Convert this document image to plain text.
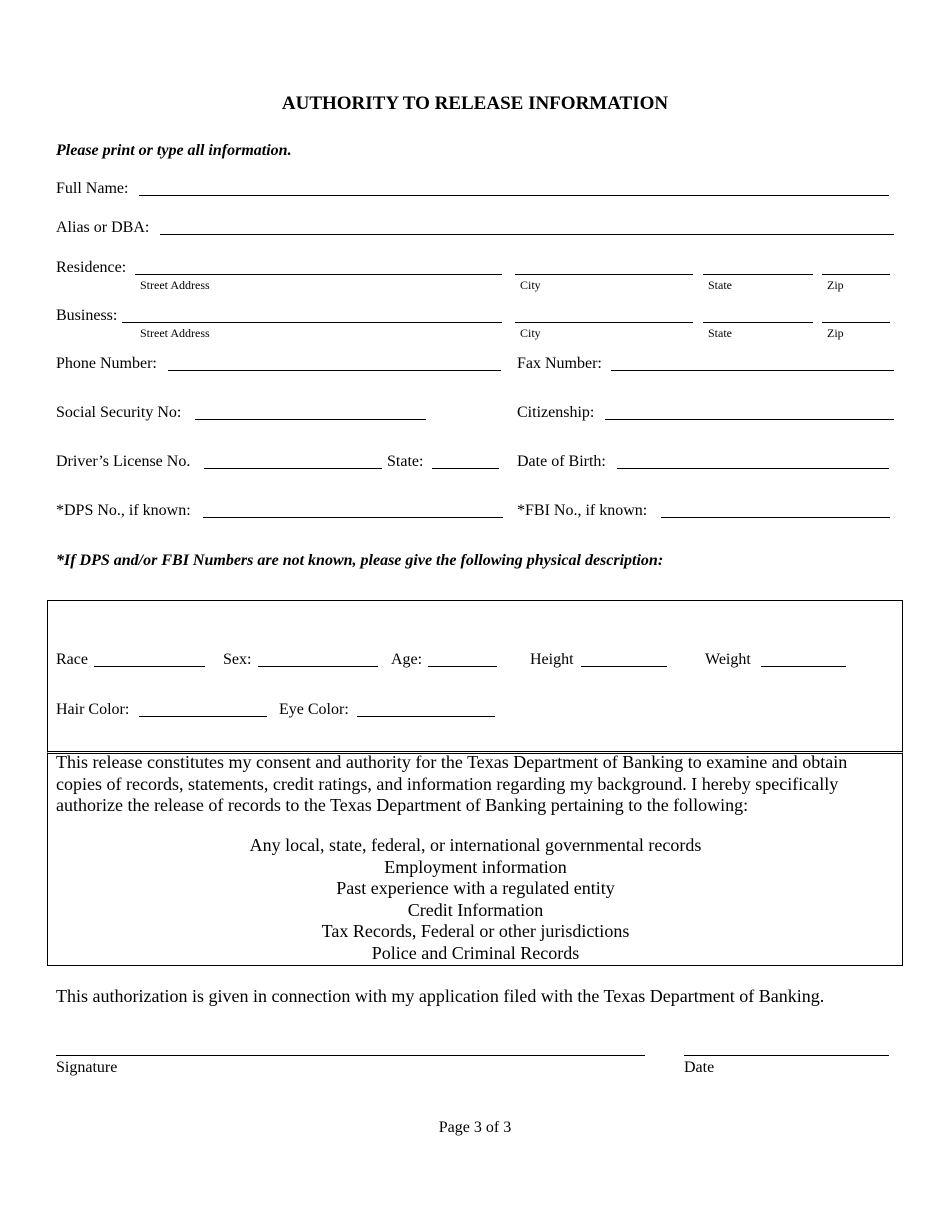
AUTHORITY TO RELEASE INFORMATION
Please print or type all information.
Full Name:
Alias or DBA:
Residence:
Street Address	City	State	Zip
Business:
Street Address	City	State	Zip
Phone Number:	Fax Number:
Social Security No:	Citizenship:
Driver’s License No.	State:	Date of Birth:
*DPS No., if known:	*FBI No., if known:
*If DPS and/or FBI Numbers are not known, please give the following physical description:
Race	Sex:	Age:	Height	Weight
Hair Color:	Eye Color:
This release constitutes my consent and authority for the Texas Department of Banking to examine and obtain copies of records, statements, credit ratings, and information regarding my background. I hereby specifically authorize the release of records to the Texas Department of Banking pertaining to the following:
Any local, state, federal, or international governmental records
Employment information
Past experience with a regulated entity
Credit Information
Tax Records, Federal or other jurisdictions
Police and Criminal Records
This authorization is given in connection with my application filed with the Texas Department of Banking.
Signature	Date
Page 3 of 3
